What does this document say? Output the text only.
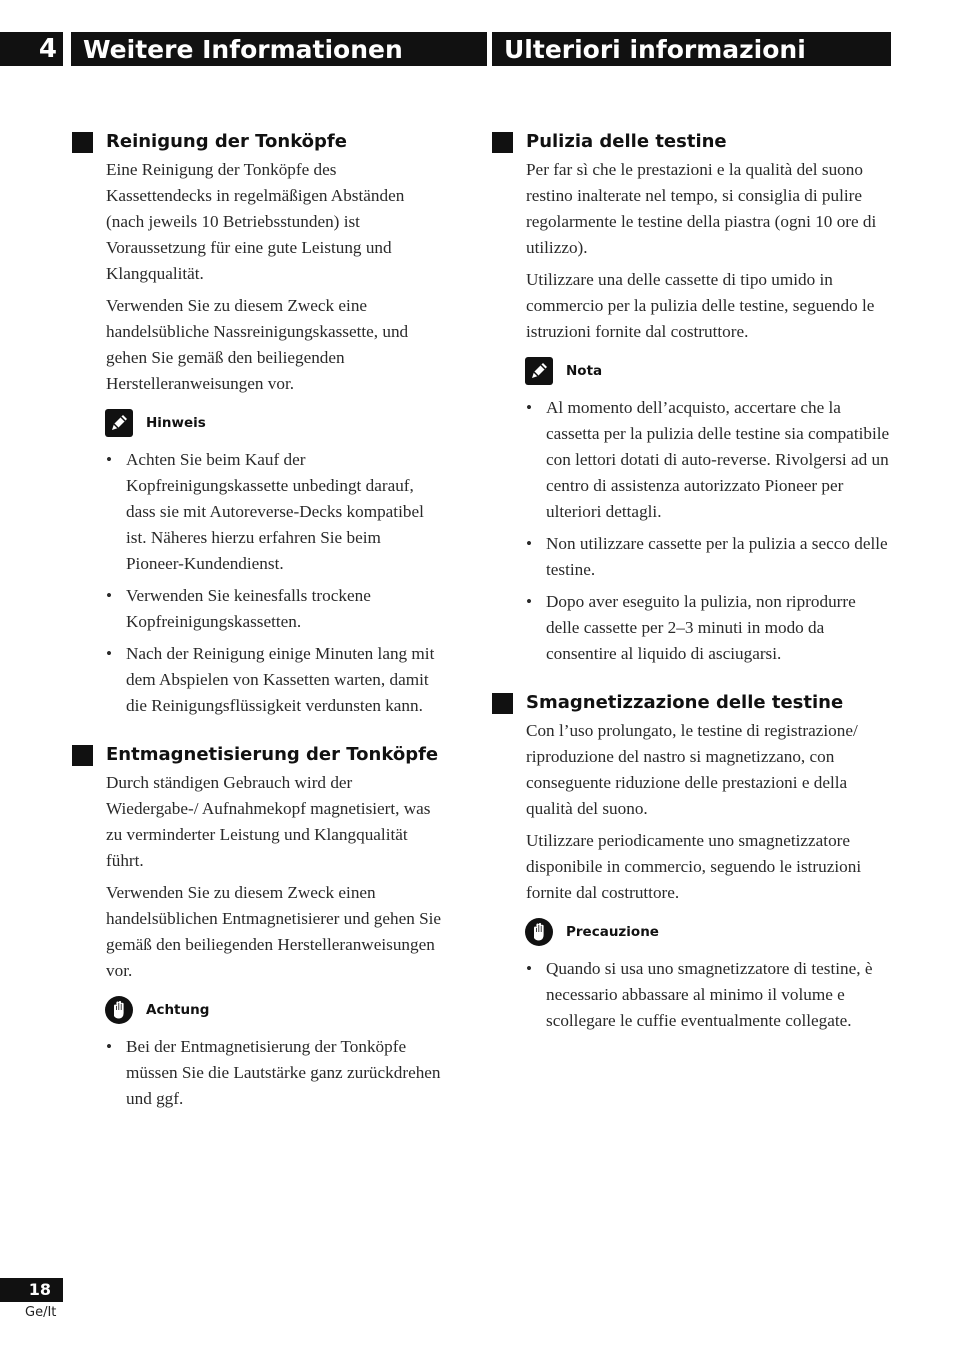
4	Weitere Informationen	Ulteriori informazioni
Reinigung der Tonköpfe

Eine Reinigung der Tonköpfe des Kassettendecks in regelmäßigen Abständen (nach jeweils 10 Betriebsstunden) ist Voraussetzung für eine gute Leistung und Klangqualität.

Verwenden Sie zu diesem Zweck eine handelsübliche Nassreinigungskassette, und gehen Sie gemäß den beiliegenden Herstelleranweisungen vor.

Hinweis
• Achten Sie beim Kauf der Kopfreinigungskassette unbedingt darauf, dass sie mit Autoreverse-Decks kompatibel ist. Näheres hierzu erfahren Sie beim Pioneer-Kundendienst.
• Verwenden Sie keinesfalls trockene Kopfreinigungskassetten.
• Nach der Reinigung einige Minuten lang mit dem Abspielen von Kassetten warten, damit die Reinigungsflüssigkeit verdunsten kann.
Entmagnetisierung der Tonköpfe

Durch ständigen Gebrauch wird der Wiedergabe-/ Aufnahmekopf magnetisiert, was zu verminderter Leistung und Klangqualität führt.

Verwenden Sie zu diesem Zweck einen handelsüblichen Entmagnetisierer und gehen Sie gemäß den beiliegenden Herstelleranweisungen vor.

Achtung
• Bei der Entmagnetisierung der Tonköpfe müssen Sie die Lautstärke ganz zurückdrehen und ggf.
Pulizia delle testine

Per far sì che le prestazioni e la qualità del suono restino inalterate nel tempo, si consiglia di pulire regolarmente le testine della piastra (ogni 10 ore di utilizzo).

Utilizzare una delle cassette di tipo umido in commercio per la pulizia delle testine, seguendo le istruzioni fornite dal costruttore.

Nota
• Al momento dell’acquisto, accertare che la cassetta per la pulizia delle testine sia compatibile con lettori dotati di auto-reverse. Rivolgersi ad un centro di assistenza autorizzato Pioneer per ulteriori dettagli.
• Non utilizzare cassette per la pulizia a secco delle testine.
• Dopo aver eseguito la pulizia, non riprodurre delle cassette per 2–3 minuti in modo da consentire al liquido di asciugarsi.
Smagnetizzazione delle testine

Con l’uso prolungato, le testine di registrazione/ riproduzione del nastro si magnetizzano, con conseguente riduzione delle prestazioni e della qualità del suono.

Utilizzare periodicamente uno smagnetizzatore disponibile in commercio, seguendo le istruzioni fornite dal costruttore.

Precauzione
• Quando si usa uno smagnetizzatore di testine, è necessario abbassare al minimo il volume e scollegare le cuffie eventualmente collegate.
18
Ge/It
